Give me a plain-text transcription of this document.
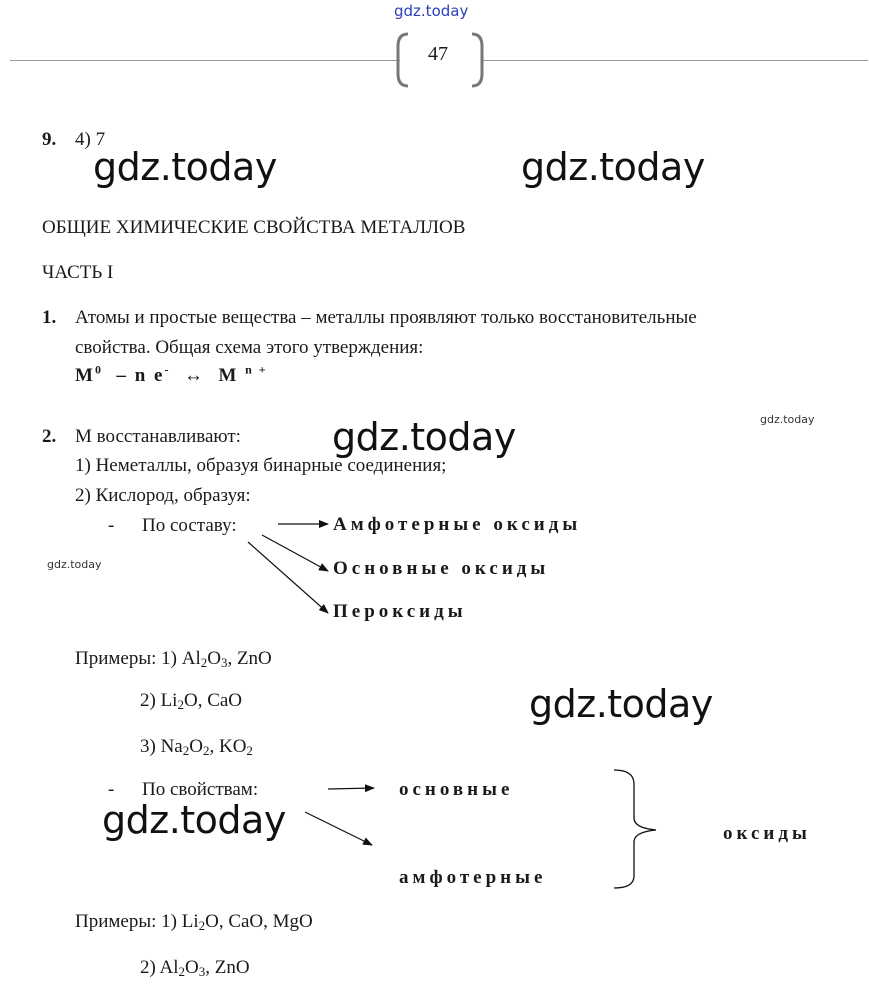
gdz.today
47
9. 4) 7
gdz.today	gdz.today
ОБЩИЕ ХИМИЧЕСКИЕ СВОЙСТВА МЕТАЛЛОВ
ЧАСТЬ I
1. Атомы и простые вещества – металлы проявляют только восстановительные
свойства. Общая схема этого утверждения:
$M^0$ – n e- ↔ M $^{n +}$
gdz.today
2. М восстанавливают: gdz.today
1) Неметаллы, образуя бинарные соединения;
2) Кислород, образуя:
- По составу:	Амфотерные оксиды
Основные оксиды
Пероксиды
gdz.today
Примеры: 1) $Al_2O_3$, ZnO
2) $Li_2O$, CaO	gdz.today
3) $Na_2O_2$, $KO_2$
- По свойствам:	основные
амфотерные
оксиды
gdz.today
Примеры: 1) $Li_2O$, CaO, MgO
2) $Al_2O_3$, ZnO
